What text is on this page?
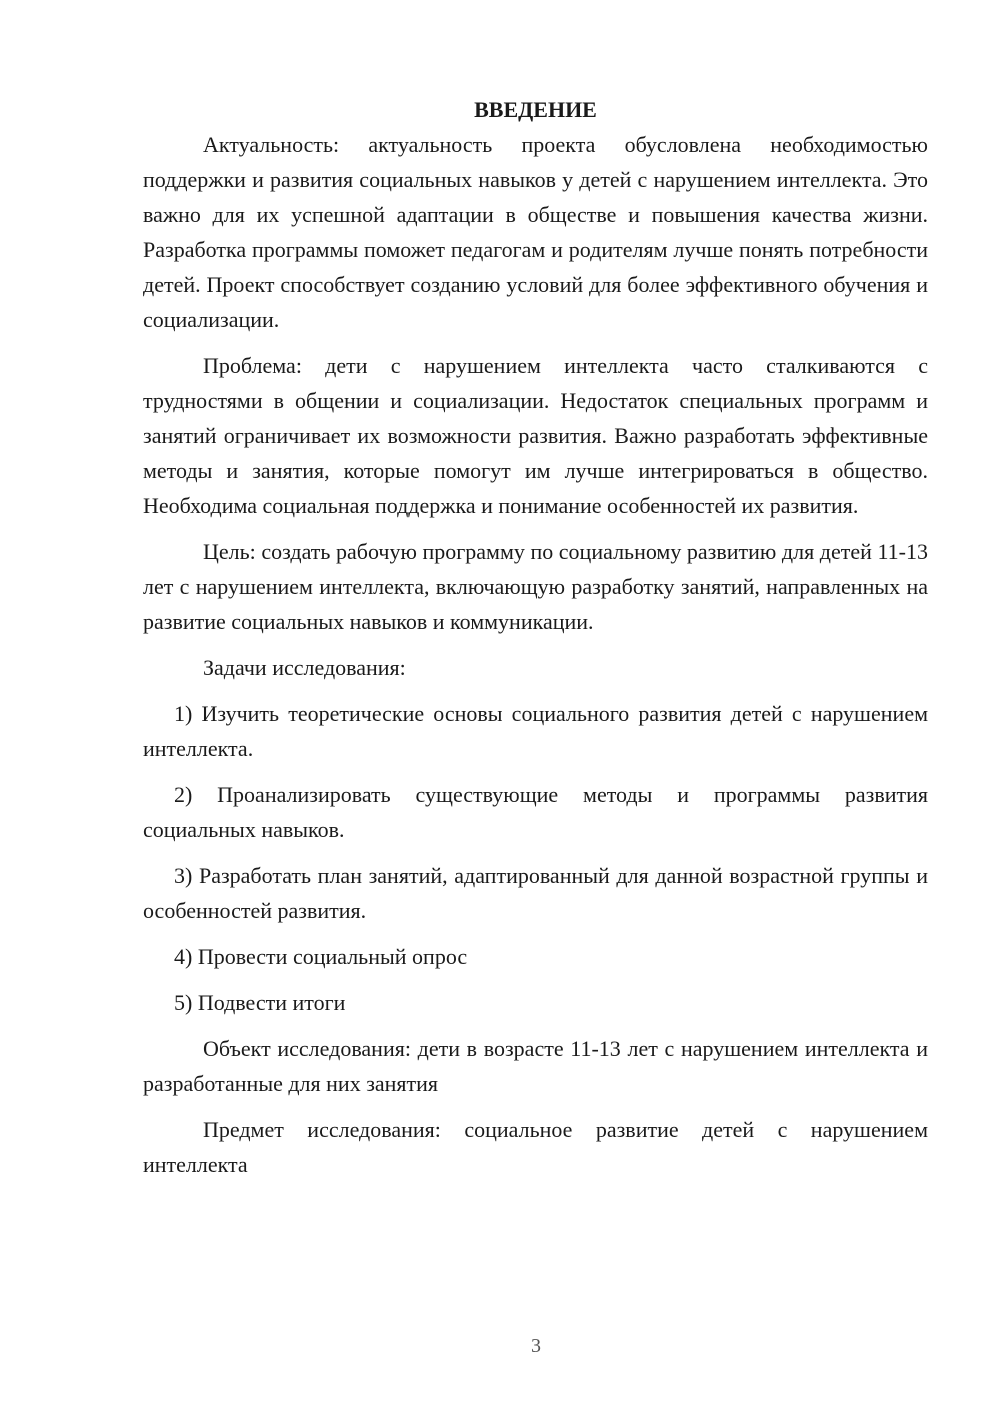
ВВЕДЕНИЕ

Актуальность: актуальность проекта обусловлена необходимостью поддержки и развития социальных навыков у детей с нарушением интеллекта. Это важно для их успешной адаптации в обществе и повышения качества жизни. Разработка программы поможет педагогам и родителям лучше понять потребности детей. Проект способствует созданию условий для более эффективного обучения и социализации.

Проблема: дети с нарушением интеллекта часто сталкиваются с трудностями в общении и социализации. Недостаток специальных программ и занятий ограничивает их возможности развития. Важно разработать эффективные методы и занятия, которые помогут им лучше интегрироваться в общество. Необходима социальная поддержка и понимание особенностей их развития.

Цель: создать рабочую программу по социальному развитию для детей 11-13 лет с нарушением интеллекта, включающую разработку занятий, направленных на развитие социальных навыков и коммуникации.

Задачи исследования:

1) Изучить теоретические основы социального развития детей с нарушением интеллекта.

2) Проанализировать существующие методы и программы развития социальных навыков.

3) Разработать план занятий, адаптированный для данной возрастной группы и особенностей развития.

4) Провести социальный опрос

5) Подвести итоги

Объект исследования: дети в возрасте 11-13 лет с нарушением интеллекта и разработанные для них занятия

Предмет исследования: социальное развитие детей с нарушением интеллекта

3
